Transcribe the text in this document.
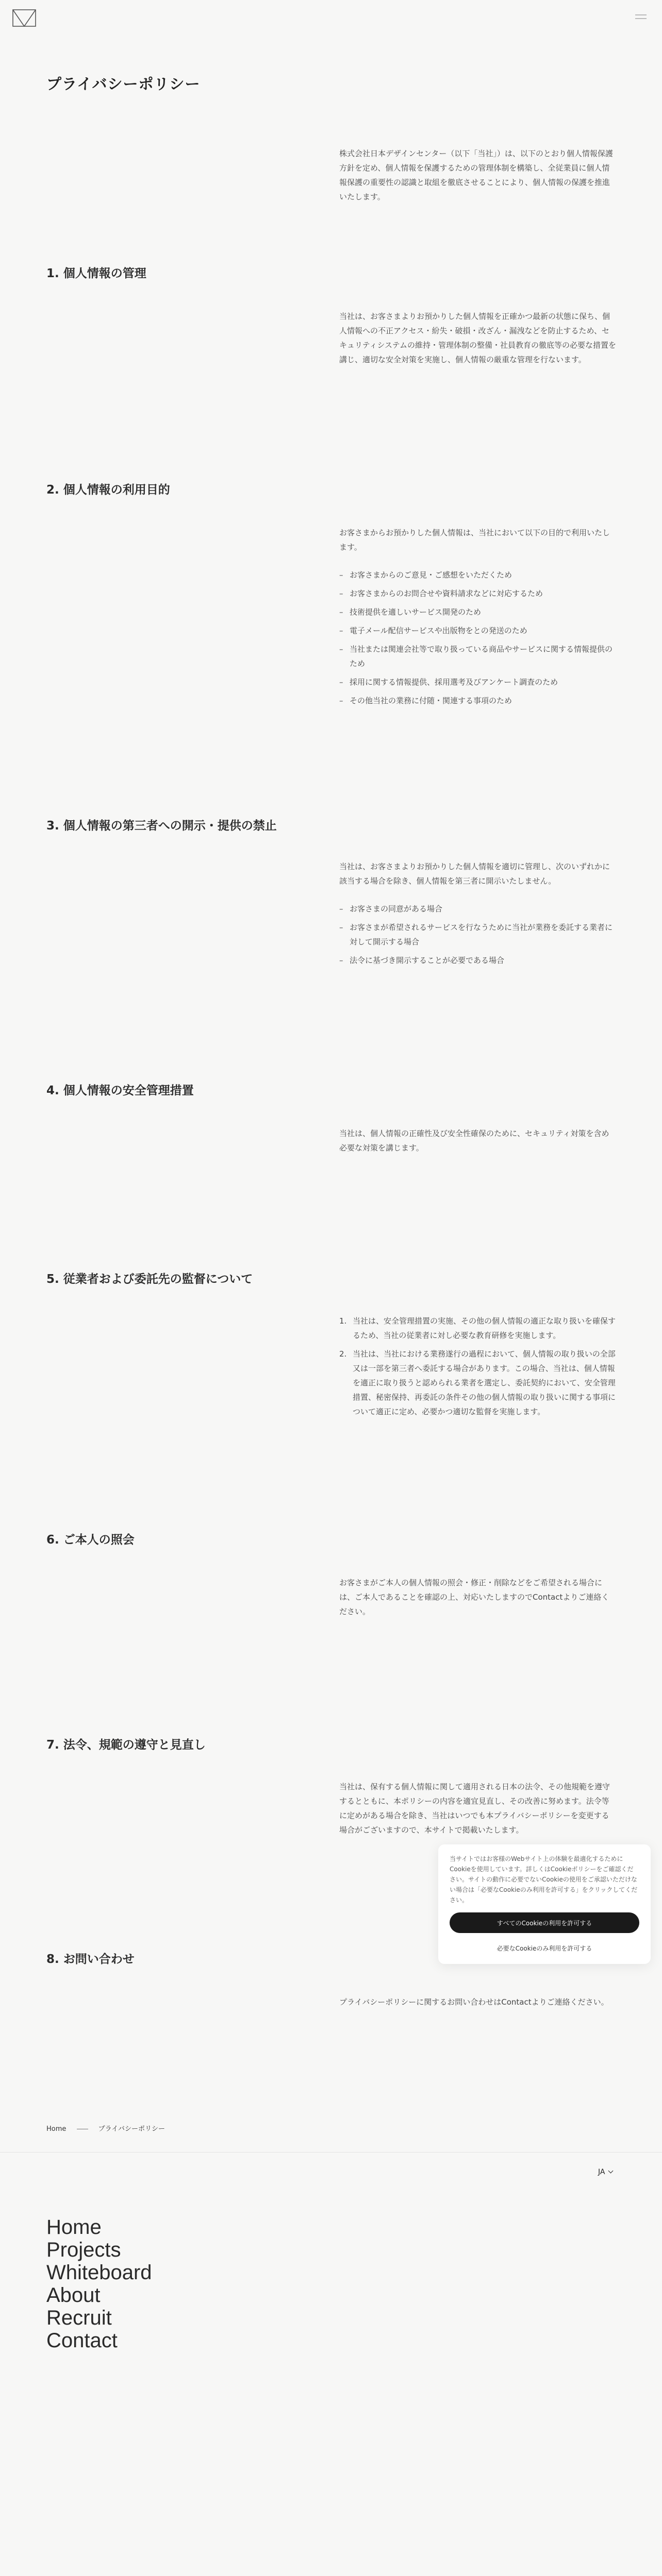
プライバシーポリシー

株式会社日本デザインセンター（以下「当社」）は、以下のとおり個人情報保護方針を定め、個人情報を保護するための管理体制を構築し、全従業員に個人情報保護の重要性の認識と取組を徹底させることにより、個人情報の保護を推進いたします。

1. 個人情報の管理

当社は、お客さまよりお預かりした個人情報を正確かつ最新の状態に保ち、個人情報への不正アクセス・紛失・破損・改ざん・漏洩などを防止するため、セキュリティシステムの維持・管理体制の整備・社員教育の徹底等の必要な措置を講じ、適切な安全対策を実施し、個人情報の厳重な管理を行ないます。

2. 個人情報の利用目的

お客さまからお預かりした個人情報は、当社において以下の目的で利用いたします。

– お客さまからのご意見・ご感想をいただくため
– お客さまからのお問合せや資料請求などに対応するため
– 技術提供を適しいサービス開発のため
– 電子メール配信サービスや出版物をとの発送のため
– 当社または関連会社等で取り扱っている商品やサービスに関する情報提供のため
– 採用に関する情報提供、採用選考及びアンケート調査のため
– その他当社の業務に付随・関連する事項のため
3. 個人情報の第三者への開示・提供の禁止

当社は、お客さまよりお預かりした個人情報を適切に管理し、次のいずれかに該当する場合を除き、個人情報を第三者に開示いたしません。

– お客さまの同意がある場合
– お客さまが希望されるサービスを行なうために当社が業務を委託する業者に対して開示する場合
– 法令に基づき開示することが必要である場合
4. 個人情報の安全管理措置

当社は、個人情報の正確性及び安全性確保のために、セキュリティ対策を含め必要な対策を講じます。

5. 従業者および委託先の監督について
1. 当社は、安全管理措置の実施、その他の個人情報の適正な取り扱いを確保するため、当社の従業者に対し必要な教育研修を実施します。
2. 当社は、当社における業務遂行の過程において、個人情報の取り扱いの全部又は一部を第三者へ委託する場合があります。この場合、当社は、個人情報を適正に取り扱うと認められる業者を選定し、委託契約において、安全管理措置、秘密保持、再委託の条件その他の個人情報の取り扱いに関する事項について適正に定め、必要かつ適切な監督を実施します。
6. ご本人の照会

お客さまがご本人の個人情報の照会・修正・削除などをご希望される場合には、ご本人であることを確認の上、対応いたしますのでContactよりご連絡ください。

7. 法令、規範の遵守と見直し

当社は、保有する個人情報に関して適用される日本の法令、その他規範を遵守するとともに、本ポリシーの内容を適宜見直し、その改善に努めます。法令等に定めがある場合を除き、当社はいつでも本プライバシーポリシーを変更する場合がございますので、本サイトで掲載いたします。

8. お問い合わせ

プライバシーポリシーに関するお問い合わせはContactよりご連絡ください。

当サイトではお客様のWebサイト上の体験を最適化するためにCookieを使用しています。詳しくはCookieポリシーをご確認ください。サイトの動作に必要でないCookieの使用をご承認いただけない場合は「必要なCookieのみ利用を許可する」をクリックしてください。

すべてのCookieの利用を許可する
必要なCookieのみ利用を許可する
Home	プライバシーポリシー
JA
Home
Projects
Whiteboard
About
Recruit
Contact
